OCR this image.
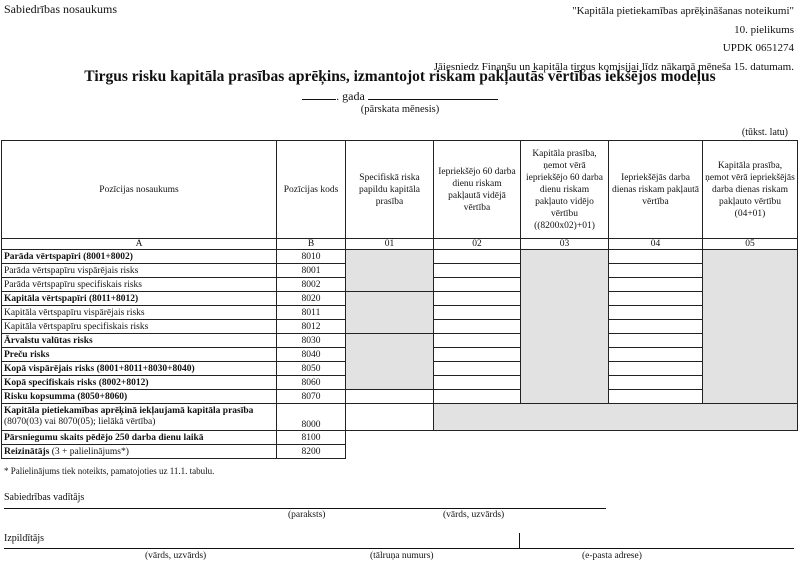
Sabiedrības nosaukums	"Kapitāla pietiekamības aprēķināšanas noteikumi"
10. pielikums
UPDK 0651274
Jāiesniedz Finanšu un kapitāla tirgus komisijai līdz nākamā mēneša 15. datumam.
Tirgus risku kapitāla prasības aprēķins, izmantojot riskam pakļautās vērtības iekšējos modeļus
. gada
(pārskata mēnesis)
(tūkst. latu)
Pozīcijas nosaukums	Pozīcijas kods	Specifiskā riska papildu kapitāla prasība	Iepriekšējo 60 darba dienu riskam pakļautā vidējā vērtība	Kapitāla prasība, ņemot vērā iepriekšējo 60 darba dienu riskam pakļauto vidējo vērtību ((8200x02)+01)	Iepriekšējās darba dienas riskam pakļautā vērtība	Kapitāla prasība, ņemot vērā iepriekšējās darba dienas riskam pakļauto vērtību (04+01)
A	B	01	02	03	04	05
Parāda vērtspapīri (8001+8002)	8010					
Parāda vērtspapīru vispārējais risks	8001					
Parāda vērtspapīru specifiskais risks	8002					
Kapitāla vērtspapīri (8011+8012)	8020					
Kapitāla vērtspapīru vispārējais risks	8011					
Kapitāla vērtspapīru specifiskais risks	8012					
Ārvalstu valūtas risks	8030					
Preču risks	8040					
Kopā vispārējais risks (8001+8011+8030+8040)	8050					
Kopā specifiskais risks (8002+8012)	8060					
Risku kopsumma (8050+8060)	8070					
Kapitāla pietiekamības aprēķinā iekļaujamā kapitāla prasība
(8070(03) vai 8070(05); lielākā vērtība)	8000					
Pārsniegumu skaits pēdējo 250 darba dienu laikā	8100					
Reizinātājs (3 + palielinājums*)	8200					
* Palielinājums tiek noteikts, pamatojoties uz 11.1. tabulu.
Sabiedrības vadītājs
(paraksts)	(vārds, uzvārds)
Izpildītājs
(vārds, uzvārds)	(tālruņa numurs)	(e-pasta adrese)
